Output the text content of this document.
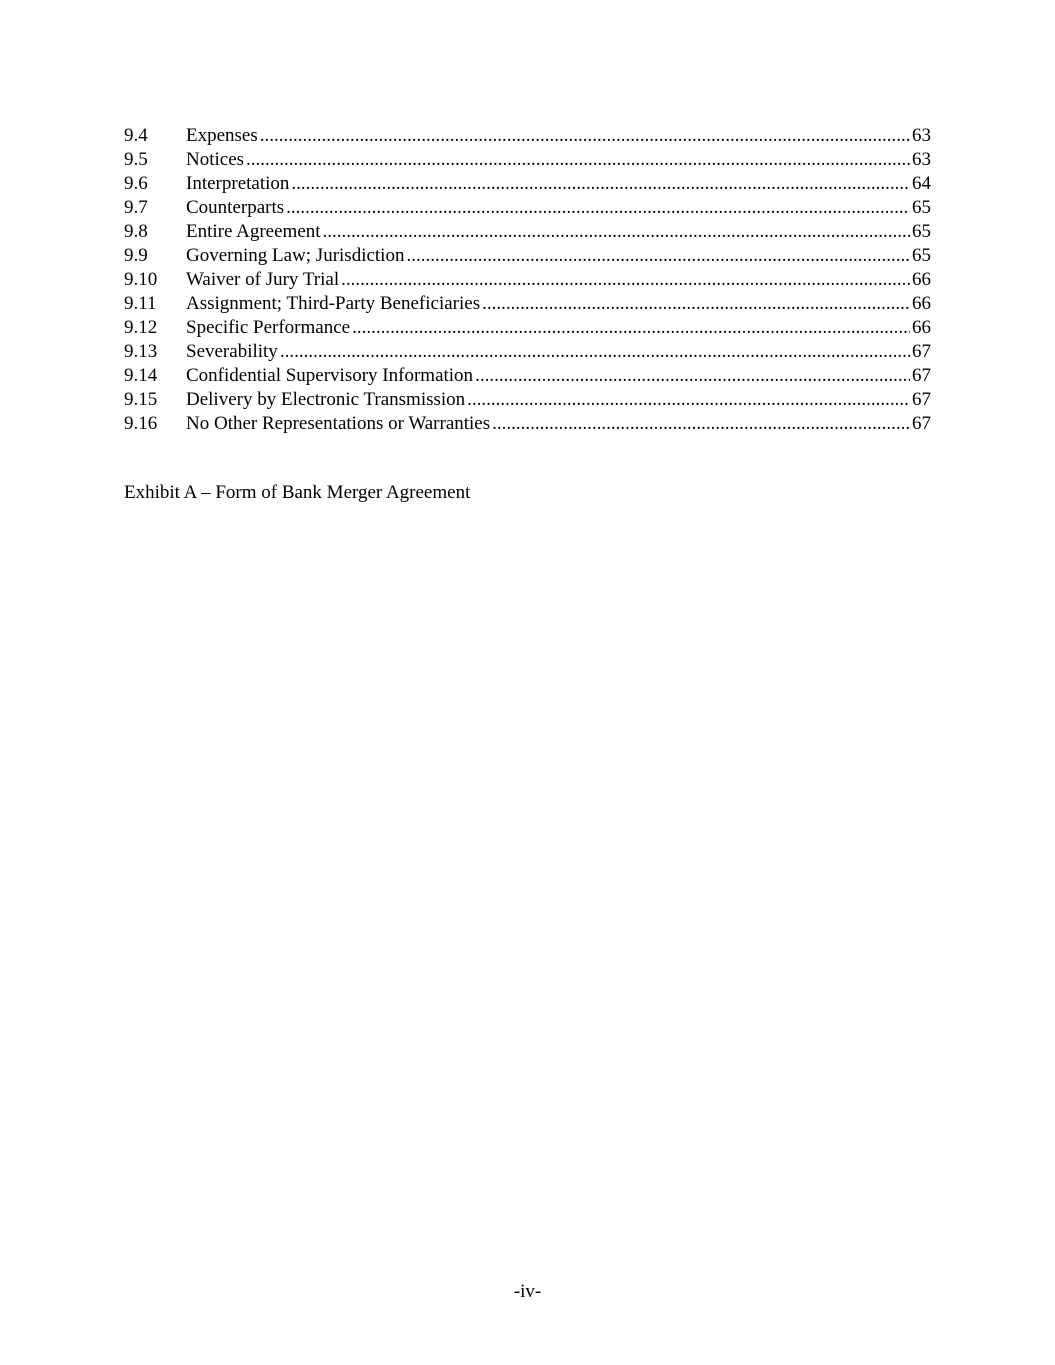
9.4	Expenses .....	63
9.5	Notices .....	63
9.6	Interpretation .....	64
9.7	Counterparts .....	65
9.8	Entire Agreement .....	65
9.9	Governing Law; Jurisdiction .....	65
9.10	Waiver of Jury Trial .....	66
9.11	Assignment; Third-Party Beneficiaries .....	66
9.12	Specific Performance .....	66
9.13	Severability .....	67
9.14	Confidential Supervisory Information .....	67
9.15	Delivery by Electronic Transmission .....	67
9.16	No Other Representations or Warranties .....	67
Exhibit A – Form of Bank Merger Agreement
-iv-
